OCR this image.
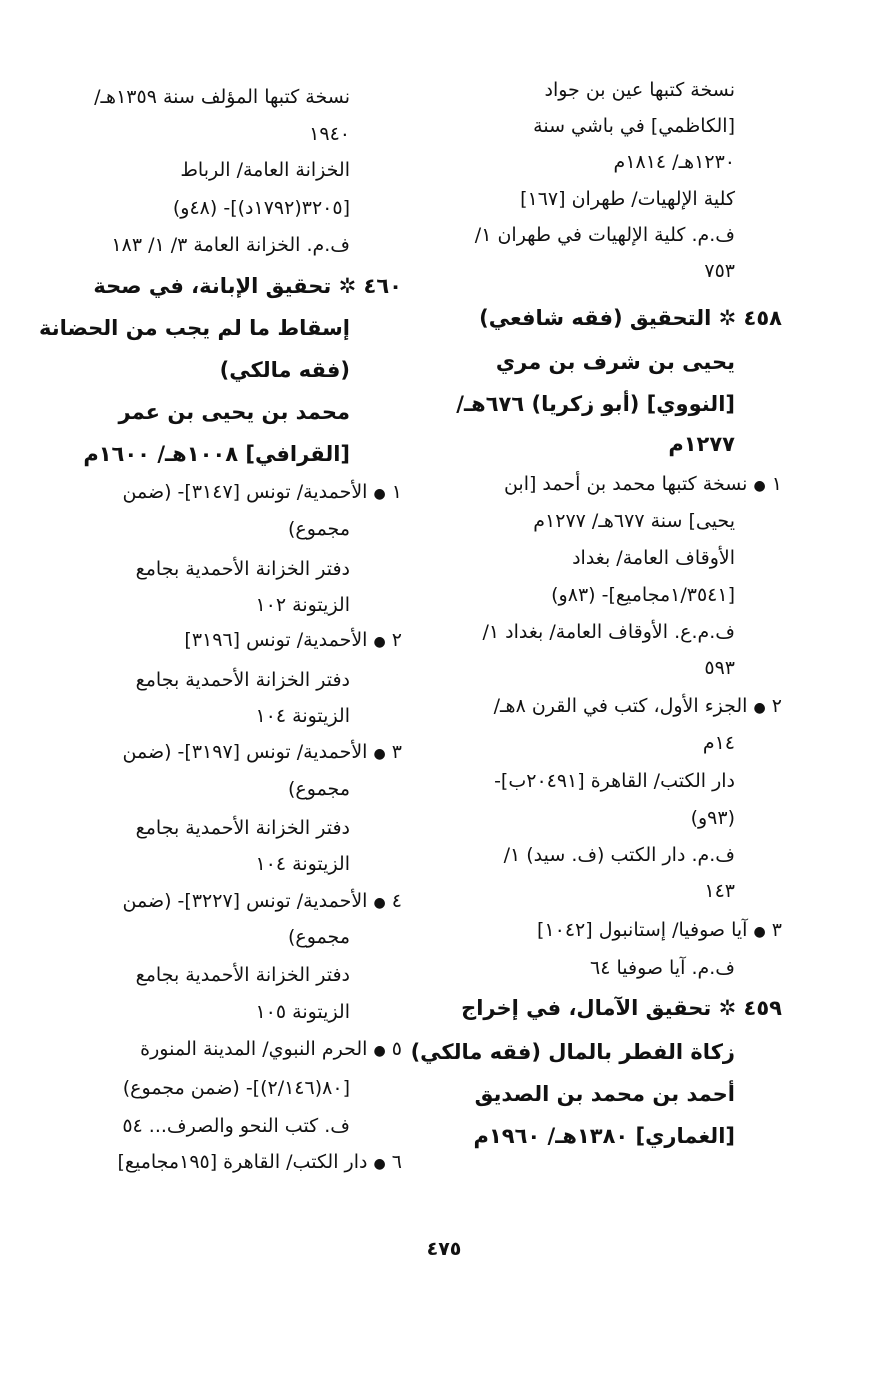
نسخة كتبها عين بن جواد
[الكاظمي] في باشي سنة
١٢٣٠هـ/ ١٨١٤م
كلية الإلهيات/ طهران [١٦٧]
ف.م. كلية الإلهيات في طهران ١/
٧٥٣
٤٥٨ ✲ التحقيق (فقه شافعي)
يحيى بن شرف بن مري
[النووي] (أبو زكريا) ٦٧٦هـ/
١٢٧٧م
١ ● نسخة كتبها محمد بن أحمد [ابن
يحيى] سنة ٦٧٧هـ/ ١٢٧٧م
الأوقاف العامة/ بغداد
[١/٣٥٤١مجاميع]- (٨٣و)
ف.م.ع. الأوقاف العامة/ بغداد ١/
٥٩٣
٢ ● الجزء الأول، كتب في القرن ٨هـ/
١٤م
دار الكتب/ القاهرة [٢٠٤٩١ب]-
(٩٣و)
ف.م. دار الكتب (ف. سيد) ١/
١٤٣
٣ ● آيا صوفيا/ إستانبول [١٠٤٢]
ف.م. آيا صوفيا ٦٤
٤٥٩ ✲ تحقيق الآمال، في إخراج
زكاة الفطر بالمال (فقه مالكي)
أحمد بن محمد بن الصديق
[الغماري] ١٣٨٠هـ/ ١٩٦٠م
نسخة كتبها المؤلف سنة ١٣٥٩هـ/
١٩٤٠
الخزانة العامة/ الرباط
[٣٢٠٥(١٧٩٢د)]- (٤٨و)
ف.م. الخزانة العامة ٣/ ١/ ١٨٣
٤٦٠ ✲ تحقيق الإبانة، في صحة
إسقاط ما لم يجب من الحضانة
(فقه مالكي)
محمد بن يحيى بن عمر
[القرافي] ١٠٠٨هـ/ ١٦٠٠م
١ ● الأحمدية/ تونس [٣١٤٧]- (ضمن
مجموع)
دفتر الخزانة الأحمدية بجامع
الزيتونة ١٠٢
٢ ● الأحمدية/ تونس [٣١٩٦]
دفتر الخزانة الأحمدية بجامع
الزيتونة ١٠٤
٣ ● الأحمدية/ تونس [٣١٩٧]- (ضمن
مجموع)
دفتر الخزانة الأحمدية بجامع
الزيتونة ١٠٤
٤ ● الأحمدية/ تونس [٣٢٢٧]- (ضمن
مجموع)
دفتر الخزانة الأحمدية بجامع
الزيتونة ١٠٥
٥ ● الحرم النبوي/ المدينة المنورة
[٨٠(٢/١٤٦)]- (ضمن مجموع)
ف. كتب النحو والصرف... ٥٤
٦ ● دار الكتب/ القاهرة [١٩٥مجاميع]
٤٧٥
